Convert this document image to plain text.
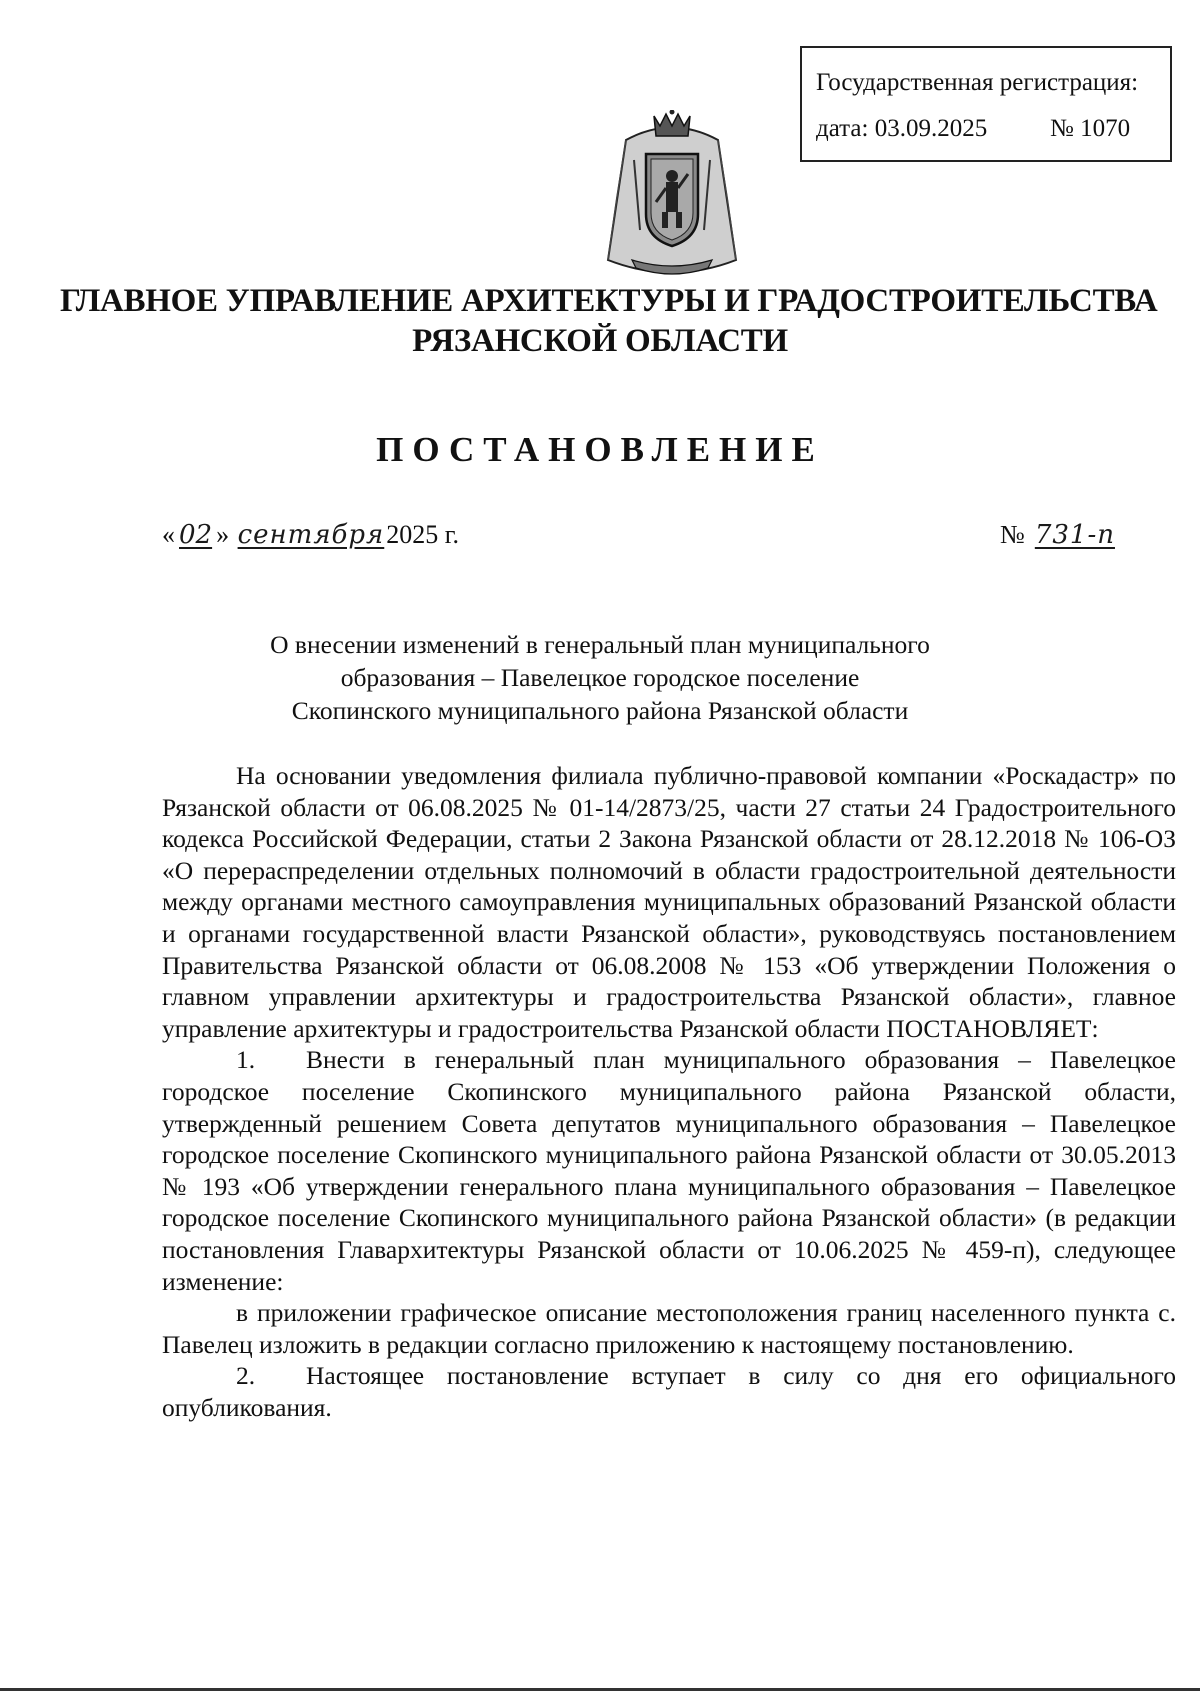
Государственная регистрация:
дата: 03.09.2025	№ 1070
ГЛАВНОЕ УПРАВЛЕНИЕ АРХИТЕКТУРЫ И ГРАДОСТРОИТЕЛЬСТВА
РЯЗАНСКОЙ ОБЛАСТИ
ПОСТАНОВЛЕНИЕ
« 02 » сентября2025 г.	№ 731-п
О внесении изменений в генеральный план муниципального
образования – Павелецкое городское поселение
Скопинского муниципального района Рязанской области

На основании уведомления филиала публично-правовой компании «Роскадастр» по Рязанской области от 06.08.2025 № 01-14/2873/25, части 27 статьи 24 Градостроительного кодекса Российской Федерации, статьи 2 Закона Рязанской области от 28.12.2018 № 106-ОЗ «О перераспределении отдельных полномочий в области градостроительной деятельности между органами местного самоуправления муниципальных образований Рязанской области и органами государственной власти Рязанской области», руководствуясь постановлением Правительства Рязанской области от 06.08.2008 № 153 «Об утверждении Положения о главном управлении архитектуры и градостроительства Рязанской области», главное управление архитектуры и градостроительства Рязанской области ПОСТАНОВЛЯЕТ:

1. Внести в генеральный план муниципального образования – Павелецкое городское поселение Скопинского муниципального района Рязанской области, утвержденный решением Совета депутатов муниципального образования – Павелецкое городское поселение Скопинского муниципального района Рязанской области от 30.05.2013 № 193 «Об утверждении генерального плана муниципального образования – Павелецкое городское поселение Скопинского муниципального района Рязанской области» (в редакции постановления Главархитектуры Рязанской области от 10.06.2025 № 459-п), следующее изменение:

в приложении графическое описание местоположения границ населенного пункта с. Павелец изложить в редакции согласно приложению к настоящему постановлению.

2. Настоящее постановление вступает в силу со дня его официального опубликования.
